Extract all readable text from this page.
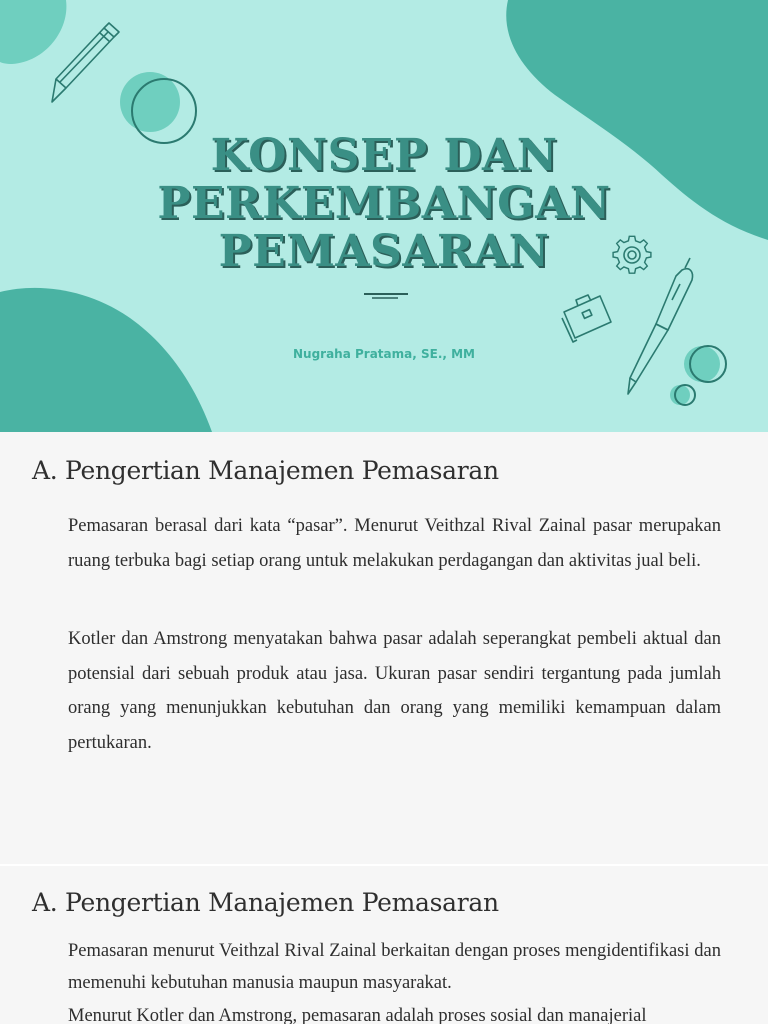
KONSEP DAN
PERKEMBANGAN
PEMASARAN
Nugraha Pratama, SE., MM
A. Pengertian Manajemen Pemasaran

Pemasaran berasal dari kata “pasar”. Menurut Veithzal Rival Zainal pasar merupakan ruang terbuka bagi setiap orang untuk melakukan perdagangan dan aktivitas jual beli.

Kotler dan Amstrong menyatakan bahwa pasar adalah seperangkat pembeli aktual dan potensial dari sebuah produk atau jasa. Ukuran pasar sendiri tergantung pada jumlah orang yang menunjukkan kebutuhan dan orang yang memiliki kemampuan dalam pertukaran.

A. Pengertian Manajemen Pemasaran

Pemasaran menurut Veithzal Rival Zainal berkaitan dengan proses mengidentifikasi dan memenuhi kebutuhan manusia maupun masyarakat.

Menurut Kotler dan Amstrong, pemasaran adalah proses sosial dan manajerial
